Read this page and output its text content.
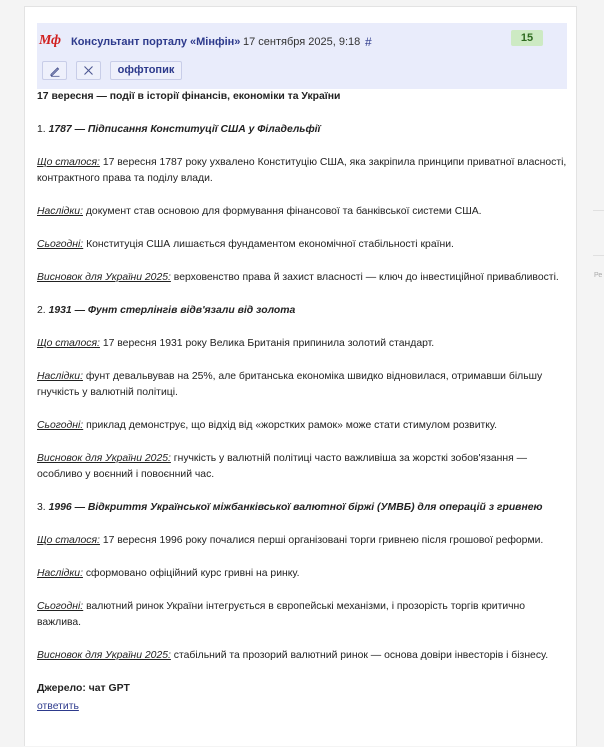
Мф Консультант порталу «Мінфін» 17 сентября 2025, 9:18 #	15
оффтопик

17 вересня — події в історії фінансів, економіки та України

1. 1787 — Підписання Конституції США у Філадельфії

Що сталося: 17 вересня 1787 року ухвалено Конституцію США, яка закріпила принципи приватної власності, контрактного права та поділу влади.

Наслідки: документ став основою для формування фінансової та банківської системи США.

Сьогодні: Конституція США лишається фундаментом економічної стабільності країни.

Висновок для України 2025: верховенство права й захист власності — ключ до інвестиційної привабливості.

2. 1931 — Фунт стерлінгів відв'язали від золота

Що сталося: 17 вересня 1931 року Велика Британія припинила золотий стандарт.

Наслідки: фунт девальвував на 25%, але британська економіка швидко відновилася, отримавши більшу гнучкість у валютній політиці.

Сьогодні: приклад демонструє, що відхід від «жорстких рамок» може стати стимулом розвитку.

Висновок для України 2025: гнучкість у валютній політиці часто важливіша за жорсткі зобов'язання — особливо у воєнний і повоєнний час.

3. 1996 — Відкриття Української міжбанківської валютної біржі (УМВБ) для операцій з гривнею

Що сталося: 17 вересня 1996 року почалися перші організовані торги гривнею після грошової реформи.

Наслідки: сформовано офіційний курс гривні на ринку.

Сьогодні: валютний ринок України інтегрується в європейські механізми, і прозорість торгів критично важлива.

Висновок для України 2025: стабільний та прозорий валютний ринок — основа довіри інвесторів і бізнесу.

Джерело: чат GPT

ответить
Ре
